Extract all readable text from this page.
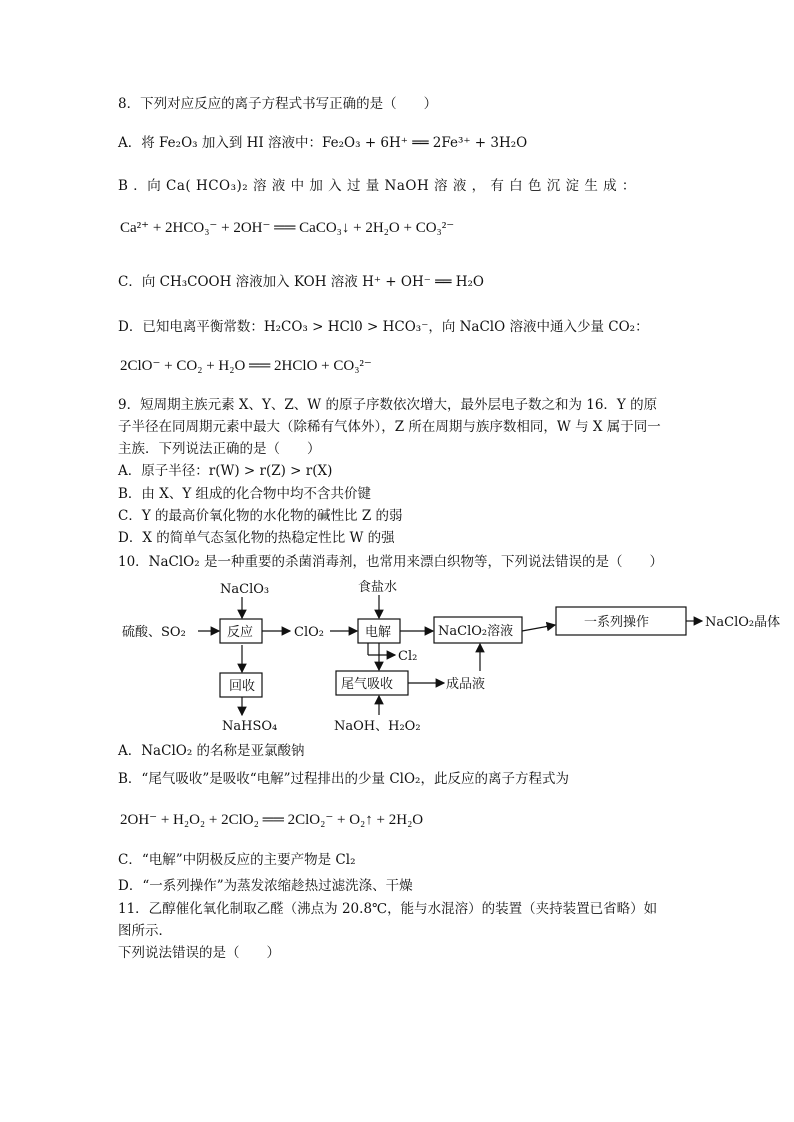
8．下列对应反应的离子方程式书写正确的是（　　）
A．将 Fe₂O₃ 加入到 HI 溶液中：Fe₂O₃ + 6H⁺ ══ 2Fe³⁺ + 3H₂O
B ．向 Ca( HCO₃)₂ 溶 液 中 加 入 过 量 NaOH 溶 液 ， 有 白 色 沉 淀 生 成 ：
Ca²⁺ + 2HCO₃⁻ + 2OH⁻ ══ CaCO₃↓ + 2H₂O + CO₃²⁻
C．向 CH₃COOH 溶液加入 KOH 溶液 H⁺ + OH⁻ ══ H₂O
D．已知电离平衡常数：H₂CO₃ > HCl0 > HCO₃⁻，向 NaClO 溶液中通入少量 CO₂：
2ClO⁻ + CO₂ + H₂O ══ 2HClO + CO₃²⁻
9．短周期主族元素 X、Y、Z、W 的原子序数依次增大，最外层电子数之和为 16．Y 的原
子半径在同周期元素中最大（除稀有气体外），Z 所在周期与族序数相同，W 与 X 属于同一
主族．下列说法正确的是（　　）
A．原子半径：r(W) > r(Z) > r(X)
B．由 X、Y 组成的化合物中均不含共价键
C．Y 的最高价氧化物的水化物的碱性比 Z 的弱
D．X 的简单气态氢化物的热稳定性比 W 的强
10．NaClO₂ 是一种重要的杀菌消毒剂，也常用来漂白织物等，下列说法错误的是（　　）
NaClO₃
硫酸、SO₂	反应	ClO₂
食盐水
电解
Cl₂
NaClO₂溶液
一系列操作	NaClO₂晶体
回收
NaHSO₄
尾气吸收	成品液
NaOH、H₂O₂
A．NaClO₂ 的名称是亚氯酸钠
B．“尾气吸收”是吸收“电解”过程排出的少量 ClO₂，此反应的离子方程式为
2OH⁻ + H₂O₂ + 2ClO₂ ══ 2ClO₂⁻ + O₂↑ + 2H₂O
C．“电解”中阴极反应的主要产物是 Cl₂
D．“一系列操作”为蒸发浓缩趁热过滤洗涤、干燥
11．乙醇催化氧化制取乙醛（沸点为 20.8℃，能与水混溶）的装置（夹持装置已省略）如
图所示．
下列说法错误的是（　　）
